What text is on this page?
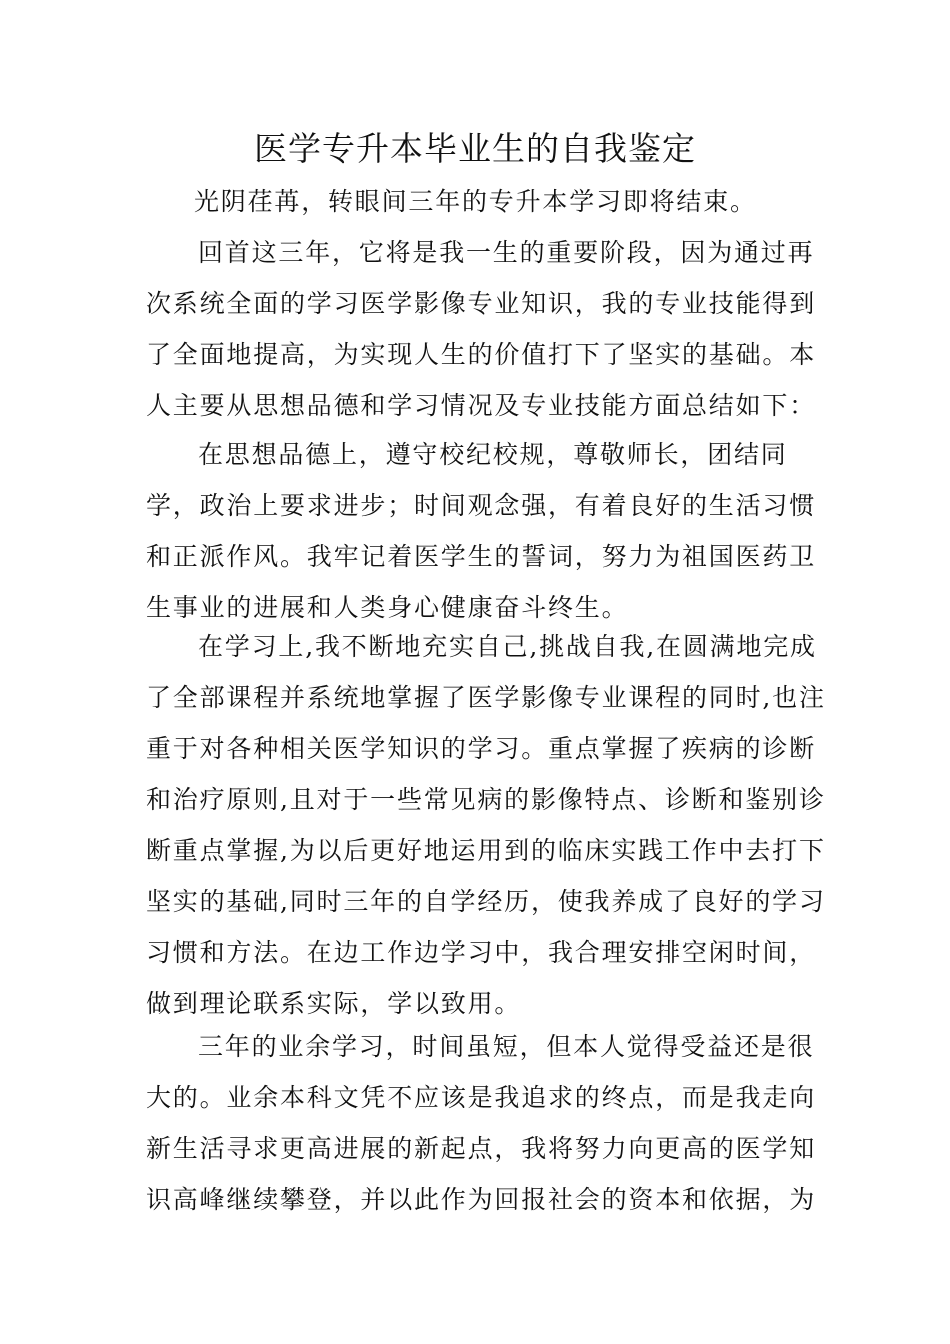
医学专升本毕业生的自我鉴定

光阴荏苒，转眼间三年的专升本学习即将结束。

回首这三年，它将是我一生的重要阶段，因为通过再次系统全面的学习医学影像专业知识，我的专业技能得到了全面地提高，为实现人生的价值打下了坚实的基础。本人主要从思想品德和学习情况及专业技能方面总结如下：

在思想品德上，遵守校纪校规，尊敬师长，团结同学，政治上要求进步；时间观念强，有着良好的生活习惯和正派作风。我牢记着医学生的誓词，努力为祖国医药卫生事业的进展和人类身心健康奋斗终生。

在学习上,我不断地充实自己,挑战自我,在圆满地完成了全部课程并系统地掌握了医学影像专业课程的同时,也注重于对各种相关医学知识的学习。重点掌握了疾病的诊断和治疗原则,且对于一些常见病的影像特点、诊断和鉴别诊断重点掌握,为以后更好地运用到的临床实践工作中去打下坚实的基础,同时三年的自学经历，使我养成了良好的学习习惯和方法。在边工作边学习中，我合理安排空闲时间，做到理论联系实际，学以致用。

三年的业余学习，时间虽短，但本人觉得受益还是很大的。业余本科文凭不应该是我追求的终点，而是我走向新生活寻求更高进展的新起点，我将努力向更高的医学知识高峰继续攀登，并以此作为回报社会的资本和依据，为
